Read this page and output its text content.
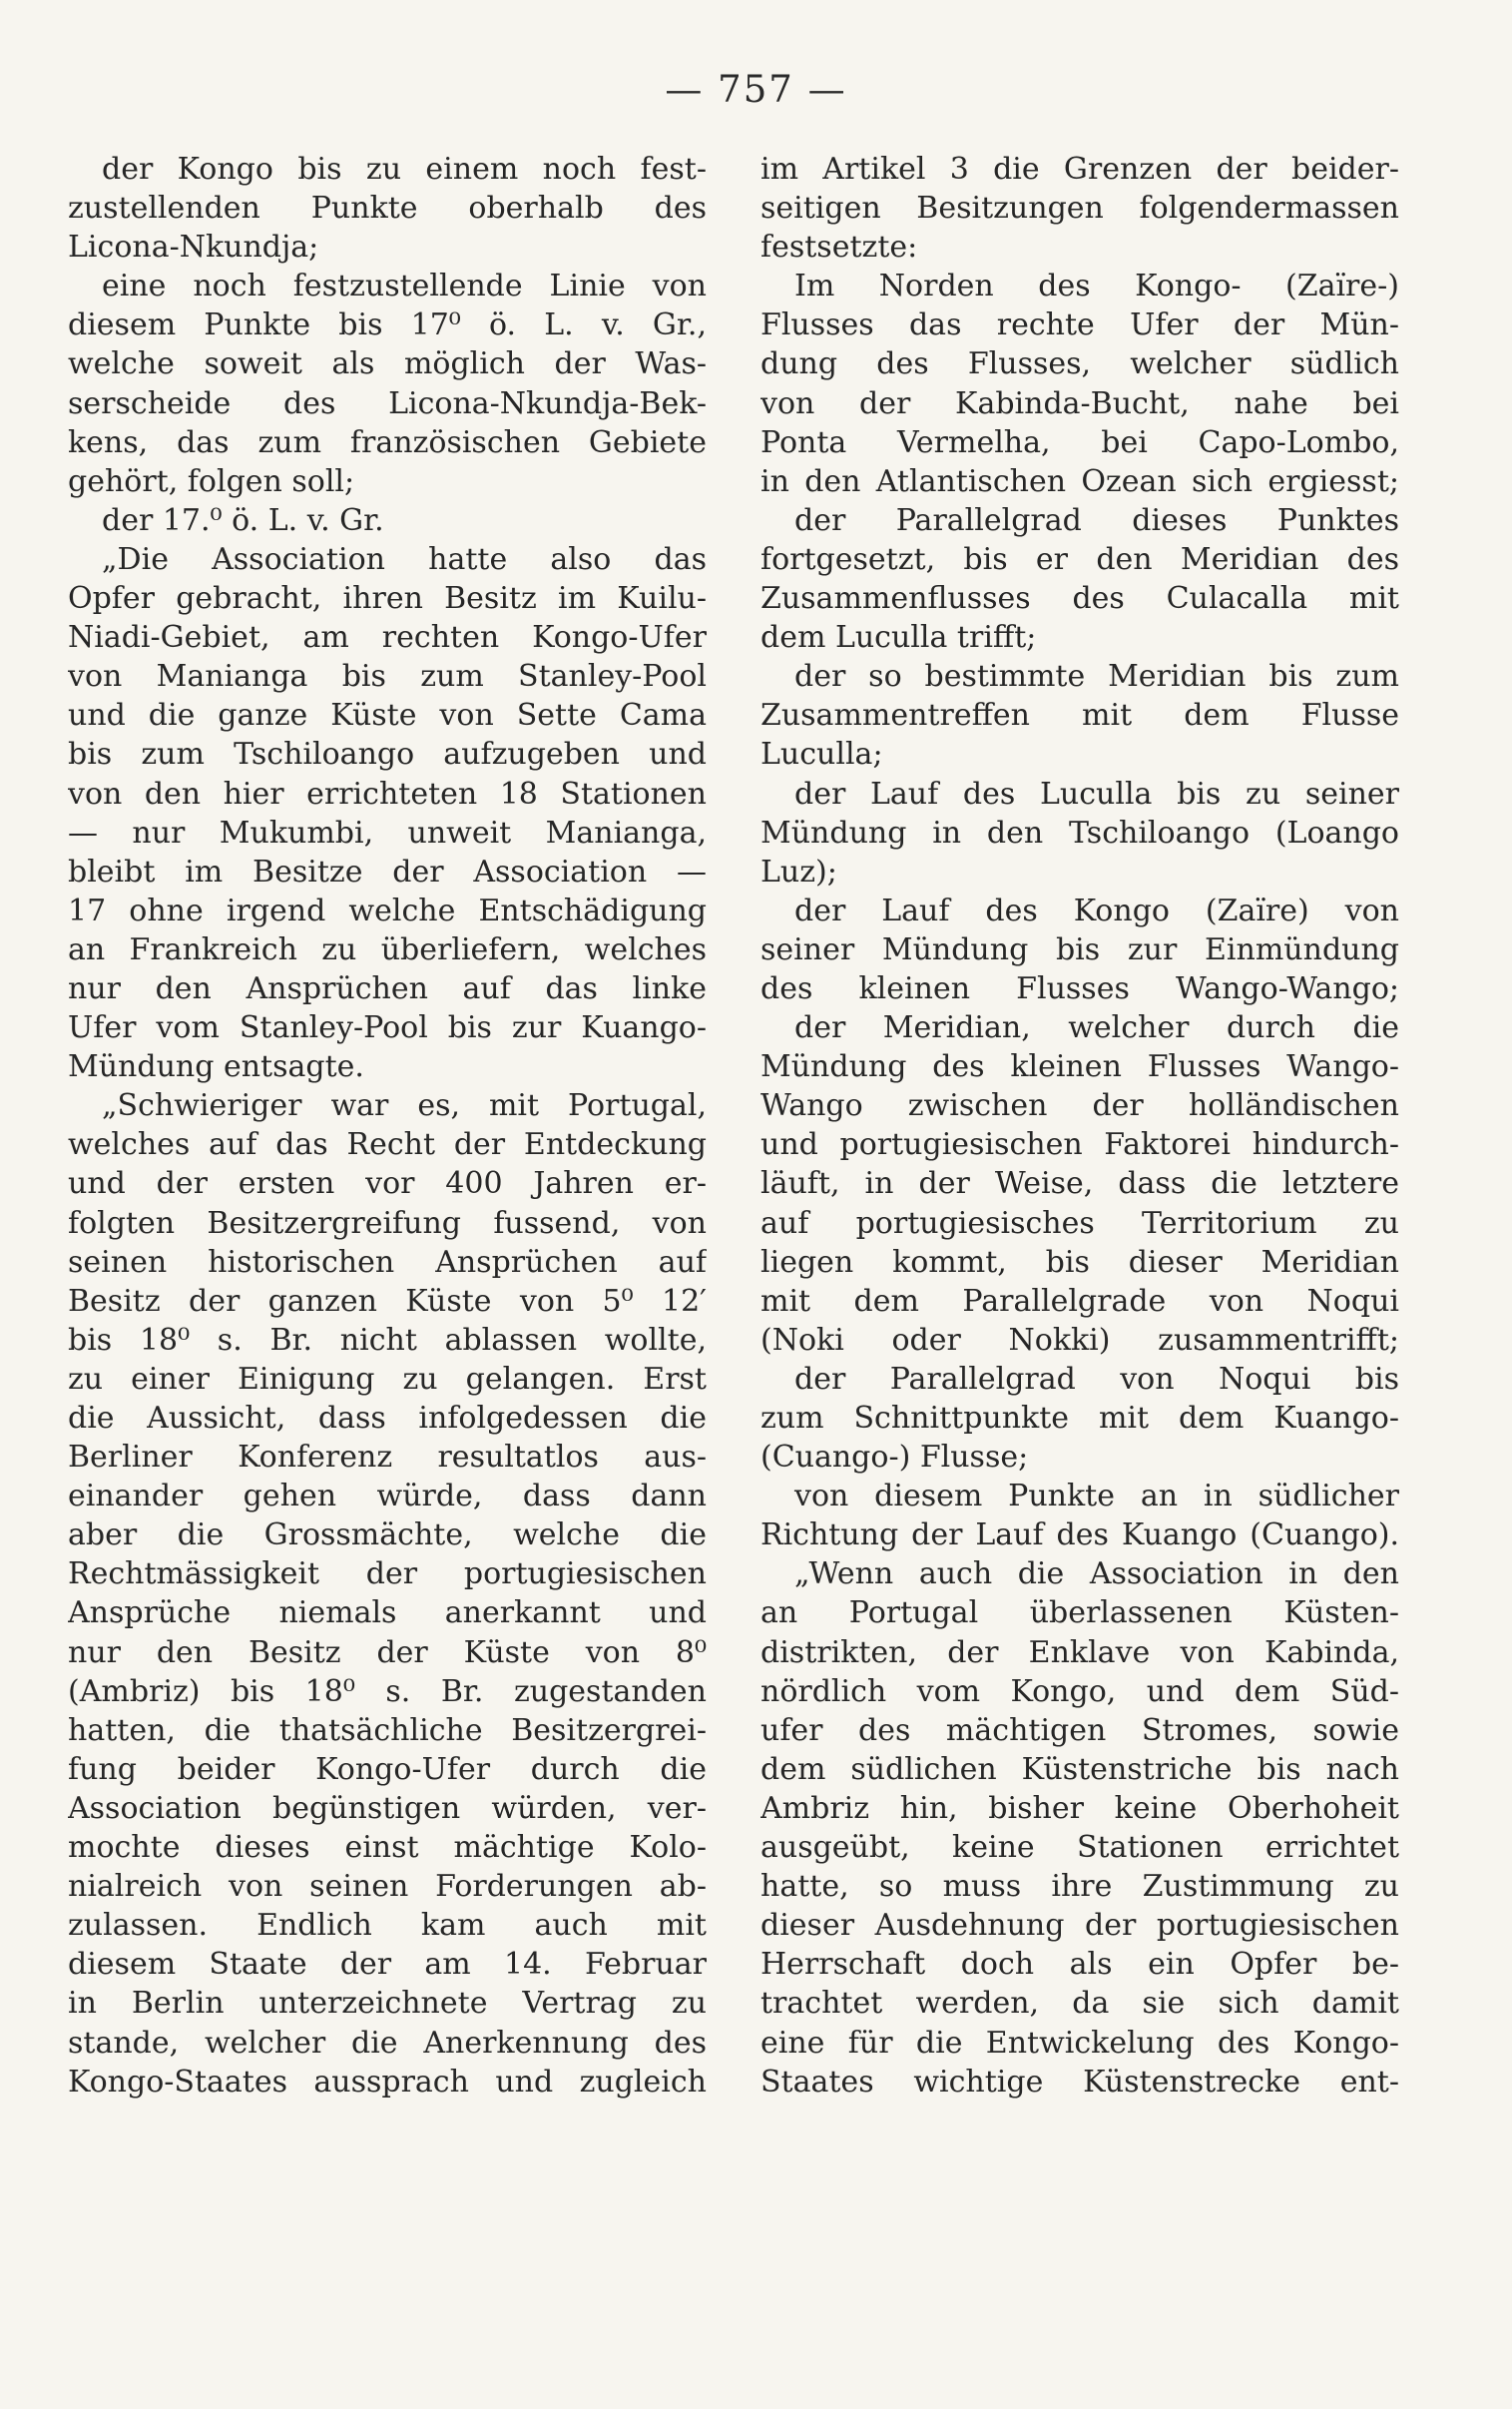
— 757 —
der Kongo bis zu einem noch fest-
zustellenden Punkte oberhalb des
Licona-Nkundja;
eine noch festzustellende Linie von
diesem Punkte bis 17⁰ ö. L. v. Gr.,
welche soweit als möglich der Was-
serscheide des Licona-Nkundja-Bek-
kens, das zum französischen Gebiete
gehört, folgen soll;
der 17.⁰ ö. L. v. Gr.
„Die Association hatte also das
Opfer gebracht, ihren Besitz im Kuilu-
Niadi-Gebiet, am rechten Kongo-Ufer
von Manianga bis zum Stanley-Pool
und die ganze Küste von Sette Cama
bis zum Tschiloango aufzugeben und
von den hier errichteten 18 Stationen
— nur Mukumbi, unweit Manianga,
bleibt im Besitze der Association —
17 ohne irgend welche Entschädigung
an Frankreich zu überliefern, welches
nur den Ansprüchen auf das linke
Ufer vom Stanley-Pool bis zur Kuango-
Mündung entsagte.
„Schwieriger war es, mit Portugal,
welches auf das Recht der Entdeckung
und der ersten vor 400 Jahren er-
folgten Besitzergreifung fussend, von
seinen historischen Ansprüchen auf
Besitz der ganzen Küste von 5⁰ 12′
bis 18⁰ s. Br. nicht ablassen wollte,
zu einer Einigung zu gelangen. Erst
die Aussicht, dass infolgedessen die
Berliner Konferenz resultatlos aus-
einander gehen würde, dass dann
aber die Grossmächte, welche die
Rechtmässigkeit der portugiesischen
Ansprüche niemals anerkannt und
nur den Besitz der Küste von 8⁰
(Ambriz) bis 18⁰ s. Br. zugestanden
hatten, die thatsächliche Besitzergrei-
fung beider Kongo-Ufer durch die
Association begünstigen würden, ver-
mochte dieses einst mächtige Kolo-
nialreich von seinen Forderungen ab-
zulassen. Endlich kam auch mit
diesem Staate der am 14. Februar
in Berlin unterzeichnete Vertrag zu
stande, welcher die Anerkennung des
Kongo-Staates aussprach und zugleich
im Artikel 3 die Grenzen der beider-
seitigen Besitzungen folgendermassen
festsetzte:
Im Norden des Kongo- (Zaïre-)
Flusses das rechte Ufer der Mün-
dung des Flusses, welcher südlich
von der Kabinda-Bucht, nahe bei
Ponta Vermelha, bei Capo-Lombo,
in den Atlantischen Ozean sich ergiesst;
der Parallelgrad dieses Punktes
fortgesetzt, bis er den Meridian des
Zusammenflusses des Culacalla mit
dem Luculla trifft;
der so bestimmte Meridian bis zum
Zusammentreffen mit dem Flusse
Luculla;
der Lauf des Luculla bis zu seiner
Mündung in den Tschiloango (Loango
Luz);
der Lauf des Kongo (Zaïre) von
seiner Mündung bis zur Einmündung
des kleinen Flusses Wango-Wango;
der Meridian, welcher durch die
Mündung des kleinen Flusses Wango-
Wango zwischen der holländischen
und portugiesischen Faktorei hindurch-
läuft, in der Weise, dass die letztere
auf portugiesisches Territorium zu
liegen kommt, bis dieser Meridian
mit dem Parallelgrade von Noqui
(Noki oder Nokki) zusammentrifft;
der Parallelgrad von Noqui bis
zum Schnittpunkte mit dem Kuango-
(Cuango-) Flusse;
von diesem Punkte an in südlicher
Richtung der Lauf des Kuango (Cuango).
„Wenn auch die Association in den
an Portugal überlassenen Küsten-
distrikten, der Enklave von Kabinda,
nördlich vom Kongo, und dem Süd-
ufer des mächtigen Stromes, sowie
dem südlichen Küstenstriche bis nach
Ambriz hin, bisher keine Oberhoheit
ausgeübt, keine Stationen errichtet
hatte, so muss ihre Zustimmung zu
dieser Ausdehnung der portugiesischen
Herrschaft doch als ein Opfer be-
trachtet werden, da sie sich damit
eine für die Entwickelung des Kongo-
Staates wichtige Küstenstrecke ent-
